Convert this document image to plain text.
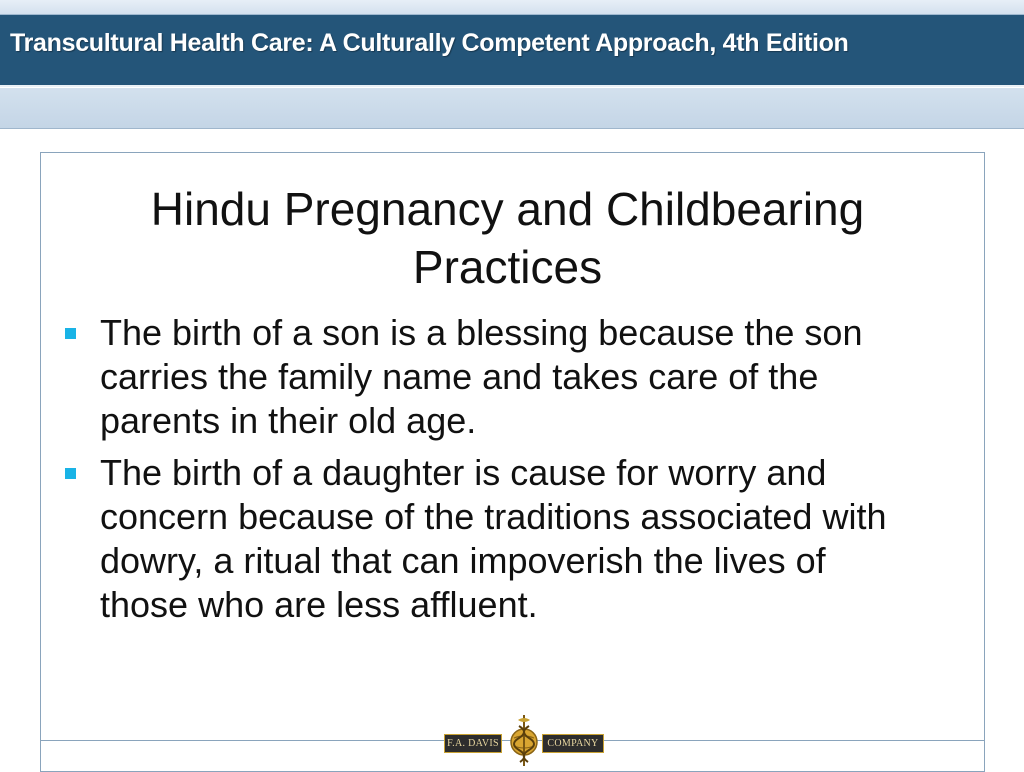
Transcultural Health Care: A Culturally Competent Approach, 4th Edition
Hindu Pregnancy and Childbearing
Practices
The birth of a son is a blessing because the son
carries the family name and takes care of the
parents in their old age.
The birth of a daughter is cause for worry and
concern because of the traditions associated with
dowry, a ritual that can impoverish the lives of
those who are less affluent.
F.A. DAVIS	COMPANY
